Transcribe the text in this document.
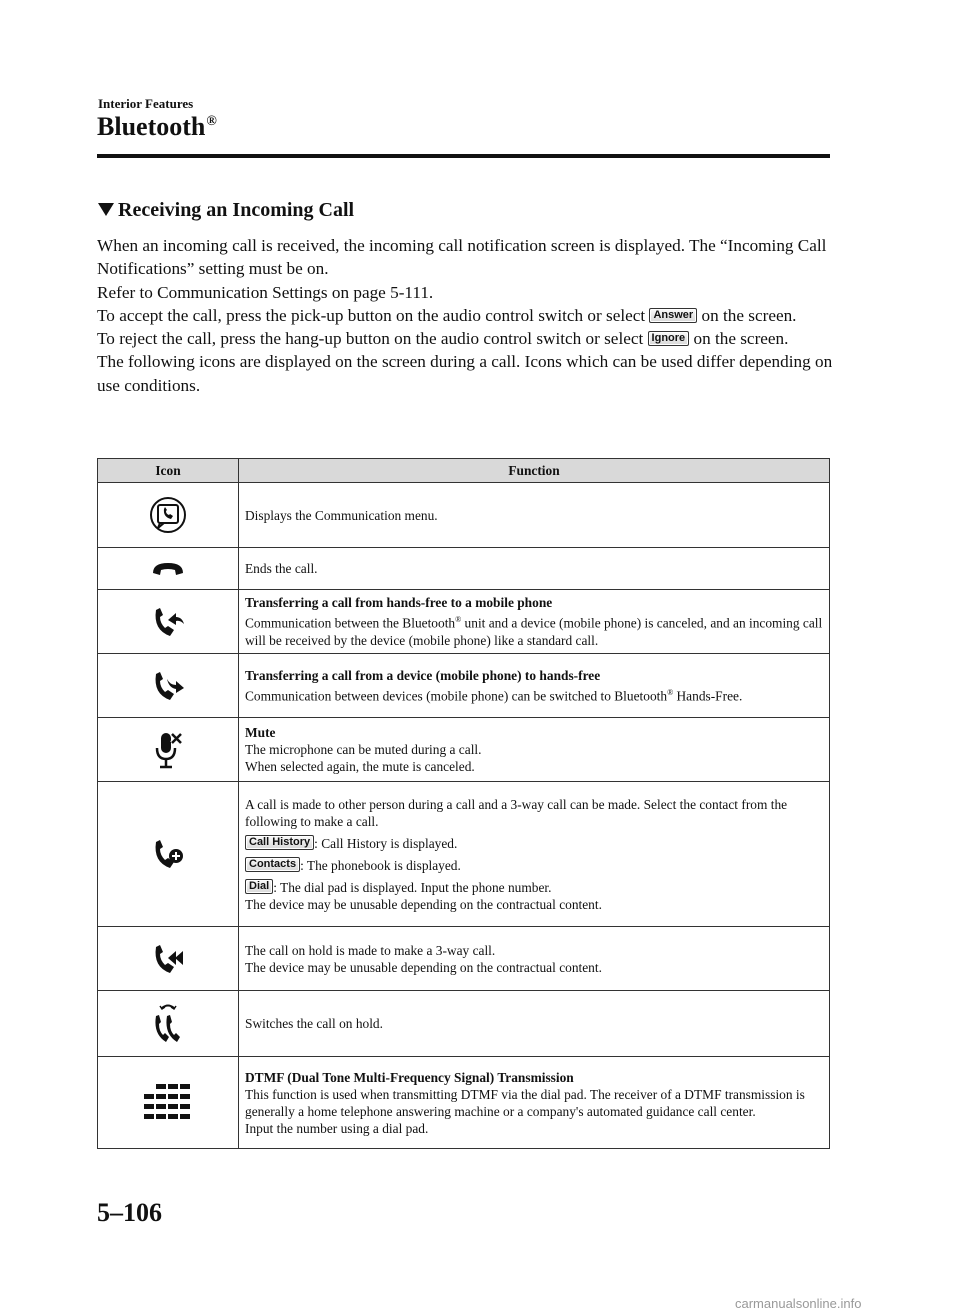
Interior Features
Bluetooth®
Receiving an Incoming Call

When an incoming call is received, the incoming call notification screen is displayed. The “Incoming Call Notifications” setting must be on.

Refer to Communication Settings on page 5-111.

To accept the call, press the pick-up button on the audio control switch or select Answer on the screen.

To reject the call, press the hang-up button on the audio control switch or select Ignore on the screen.

The following icons are displayed on the screen during a call. Icons which can be used differ depending on use conditions.

Icon	Function

	Displays the Communication menu.

	Ends the call.

Transferring a call from hands-free to a mobile phone
Communication between the Bluetooth® unit and a device (mobile phone) is canceled, and an incoming call will be received by the device (mobile phone) like a standard call.

Transferring a call from a device (mobile phone) to hands-free
Communication between devices (mobile phone) can be switched to Bluetooth® Hands-Free.

Mute
The microphone can be muted during a call.
When selected again, the mute is canceled.

A call is made to other person during a call and a 3-way call can be made. Select the contact from the following to make a call.
Call History : Call History is displayed.
Contacts : The phonebook is displayed.
Dial : The dial pad is displayed. Input the phone number.
The device may be unusable depending on the contractual content.

The call on hold is made to make a 3-way call.
The device may be unusable depending on the contractual content.

	Switches the call on hold.

DTMF (Dual Tone Multi-Frequency Signal) Transmission
This function is used when transmitting DTMF via the dial pad. The receiver of a DTMF transmission is generally a home telephone answering machine or a company's automated guidance call center.
Input the number using a dial pad.
5–106
carmanualsonline.info
